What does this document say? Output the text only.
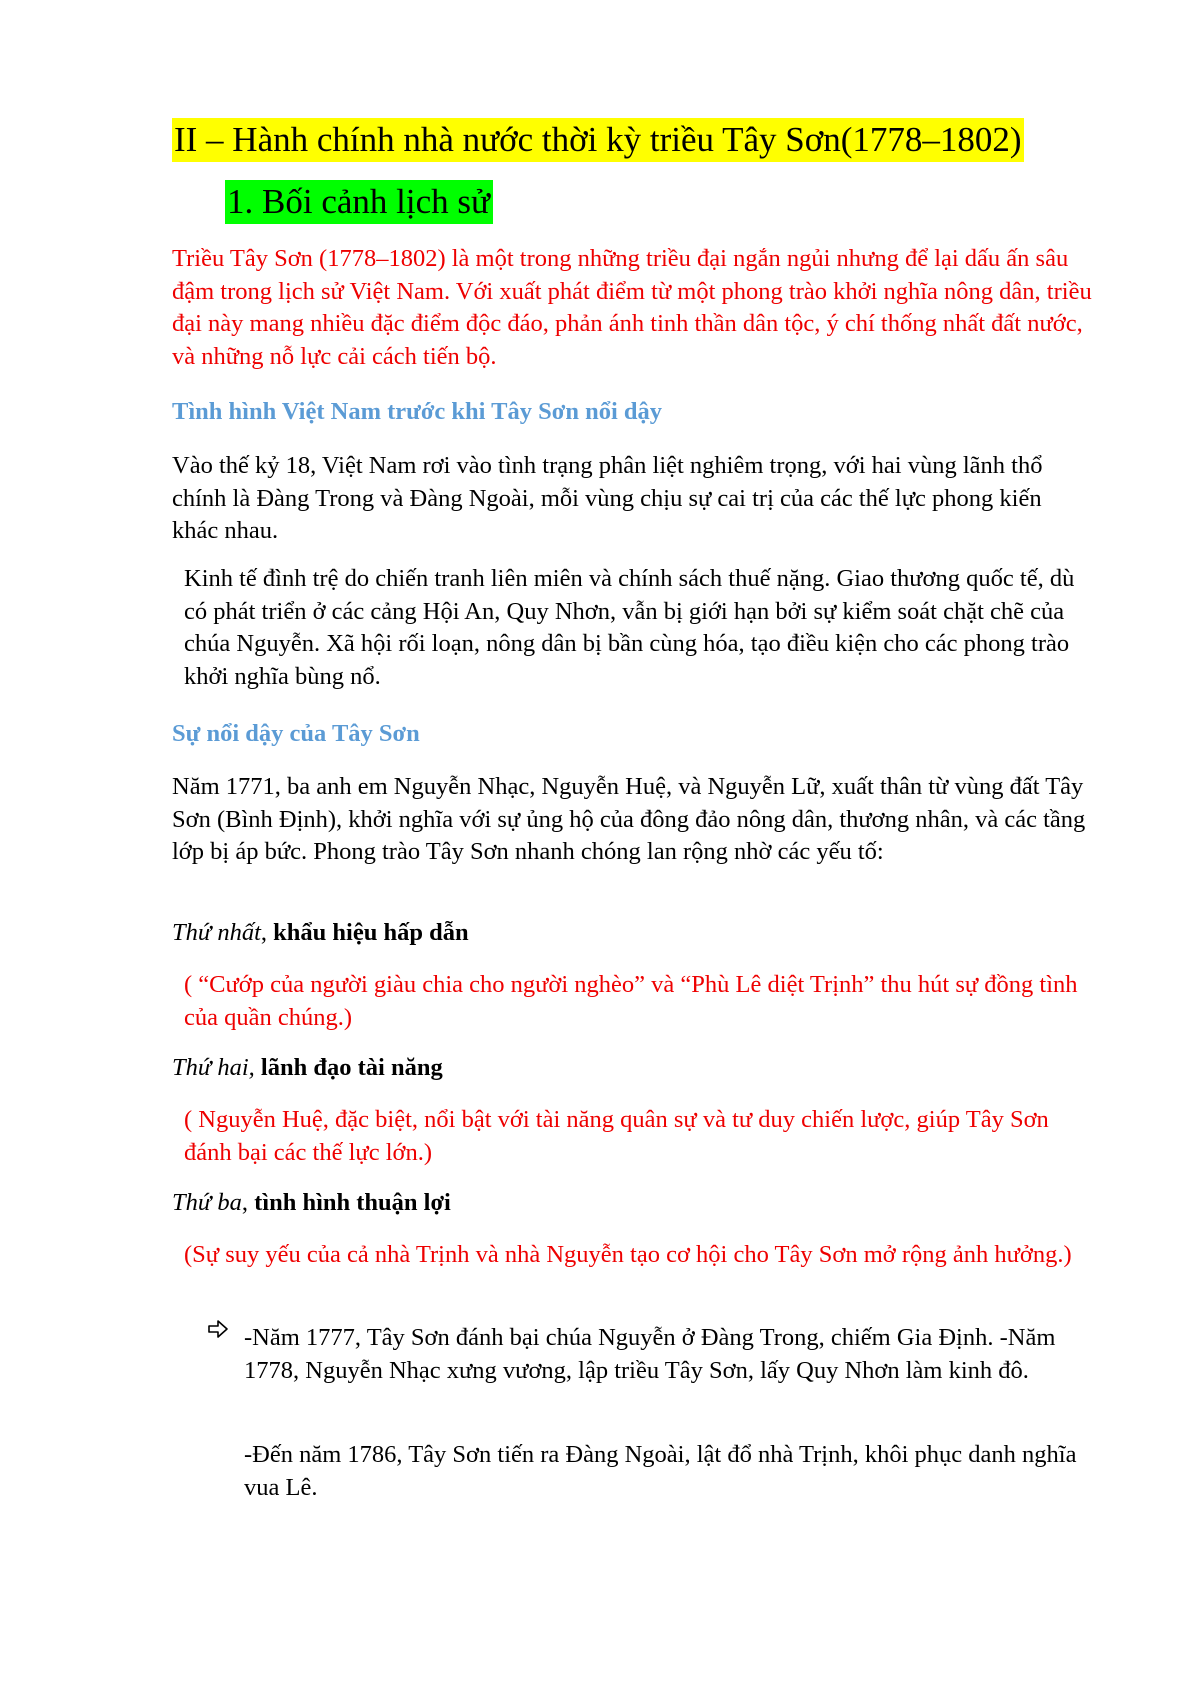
II – Hành chính nhà nước thời kỳ triều Tây Sơn(1778–1802)
1. Bối cảnh lịch sử

Triều Tây Sơn (1778–1802) là một trong những triều đại ngắn ngủi nhưng để lại dấu ấn sâu đậm trong lịch sử Việt Nam. Với xuất phát điểm từ một phong trào khởi nghĩa nông dân, triều đại này mang nhiều đặc điểm độc đáo, phản ánh tinh thần dân tộc, ý chí thống nhất đất nước, và những nỗ lực cải cách tiến bộ.

Tình hình Việt Nam trước khi Tây Sơn nổi dậy

Vào thế kỷ 18, Việt Nam rơi vào tình trạng phân liệt nghiêm trọng, với hai vùng lãnh thổ chính là Đàng Trong và Đàng Ngoài, mỗi vùng chịu sự cai trị của các thế lực phong kiến khác nhau.

Kinh tế đình trệ do chiến tranh liên miên và chính sách thuế nặng. Giao thương quốc tế, dù có phát triển ở các cảng Hội An, Quy Nhơn, vẫn bị giới hạn bởi sự kiểm soát chặt chẽ của chúa Nguyễn. Xã hội rối loạn, nông dân bị bần cùng hóa, tạo điều kiện cho các phong trào khởi nghĩa bùng nổ.

Sự nổi dậy của Tây Sơn

Năm 1771, ba anh em Nguyễn Nhạc, Nguyễn Huệ, và Nguyễn Lữ, xuất thân từ vùng đất Tây Sơn (Bình Định), khởi nghĩa với sự ủng hộ của đông đảo nông dân, thương nhân, và các tầng lớp bị áp bức. Phong trào Tây Sơn nhanh chóng lan rộng nhờ các yếu tố:

Thứ nhất, khẩu hiệu hấp dẫn

( “Cướp của người giàu chia cho người nghèo” và “Phù Lê diệt Trịnh” thu hút sự đồng tình của quần chúng.)

Thứ hai, lãnh đạo tài năng

( Nguyễn Huệ, đặc biệt, nổi bật với tài năng quân sự và tư duy chiến lược, giúp Tây Sơn đánh bại các thế lực lớn.)

Thứ ba, tình hình thuận lợi

(Sự suy yếu của cả nhà Trịnh và nhà Nguyễn tạo cơ hội cho Tây Sơn mở rộng ảnh hưởng.)

-Năm 1777, Tây Sơn đánh bại chúa Nguyễn ở Đàng Trong, chiếm Gia Định. -Năm 1778, Nguyễn Nhạc xưng vương, lập triều Tây Sơn, lấy Quy Nhơn làm kinh đô.

-Đến năm 1786, Tây Sơn tiến ra Đàng Ngoài, lật đổ nhà Trịnh, khôi phục danh nghĩa vua Lê.
